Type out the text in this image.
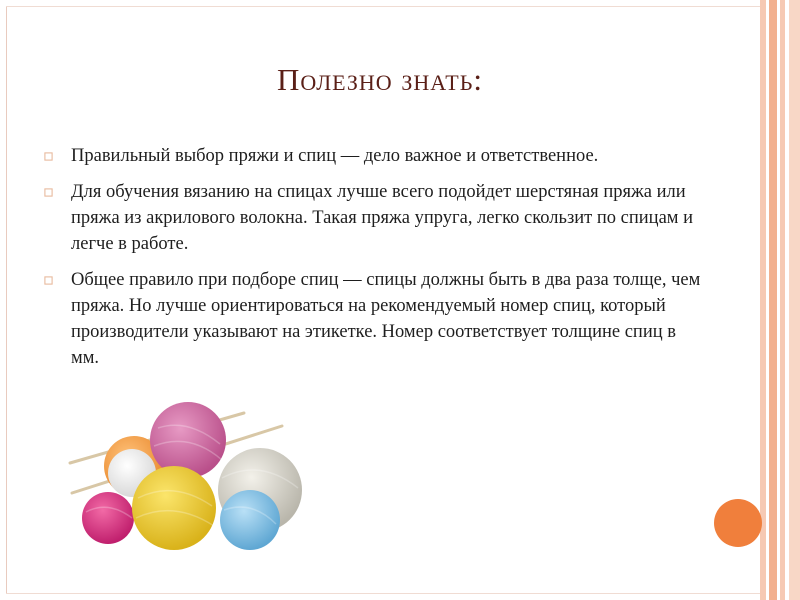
Полезно знать:
Правильный выбор пряжи и спиц — дело важное и ответственное.
Для обучения вязанию на спицах лучше всего подойдет шерстяная пряжа или пряжа из акрилового волокна. Такая пряжа упруга, легко скользит по спицам и легче в работе.
Общее правило при подборе спиц — спицы должны быть в два раза толще, чем пряжа. Но лучше ориентироваться на рекомендуемый номер спиц, который производители указывают на этикетке. Номер соответствует толщине спиц в мм.
